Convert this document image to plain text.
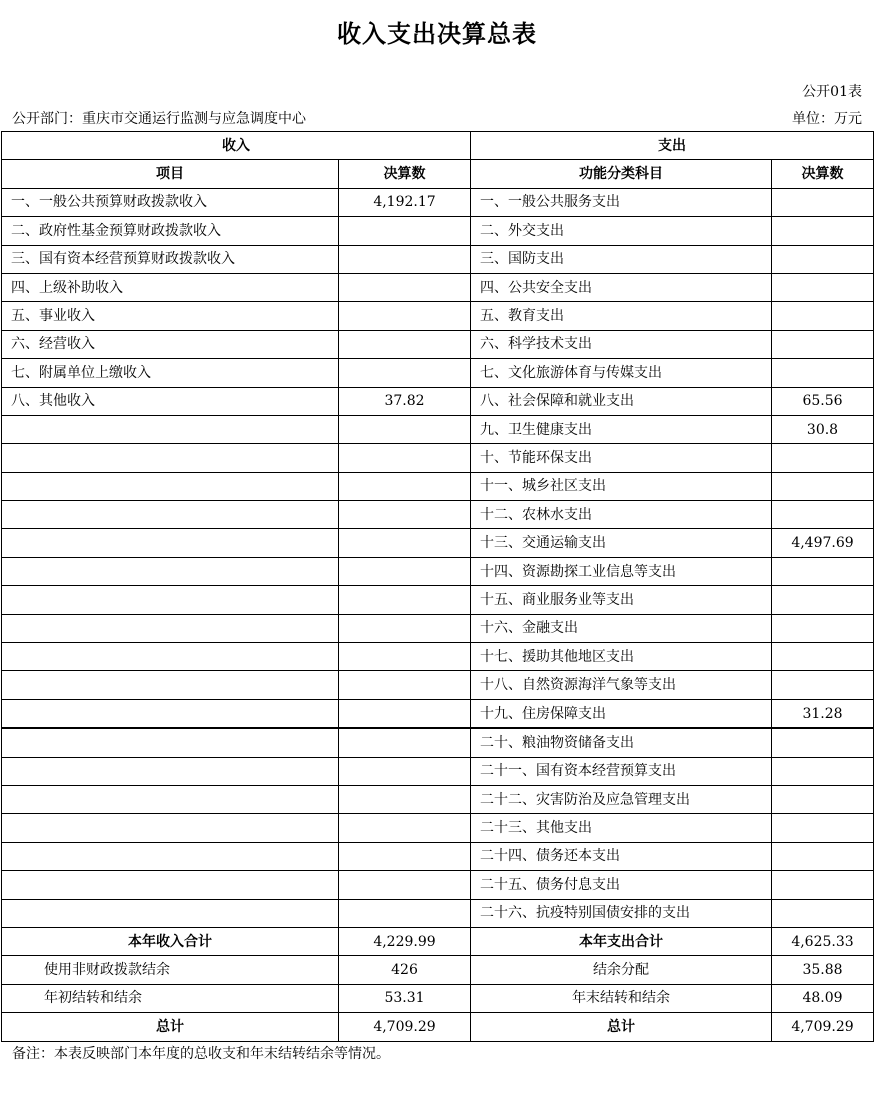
收入支出决算总表
公开01表
公开部门：重庆市交通运行监测与应急调度中心	单位：万元
收入		支出	
项目	决算数	功能分类科目	决算数
一、一般公共预算财政拨款收入	4,192.17	一、一般公共服务支出	
二、政府性基金预算财政拨款收入		二、外交支出	
三、国有资本经营预算财政拨款收入		三、国防支出	
四、上级补助收入		四、公共安全支出	
五、事业收入		五、教育支出	
六、经营收入		六、科学技术支出	
七、附属单位上缴收入		七、文化旅游体育与传媒支出	
八、其他收入	37.82	八、社会保障和就业支出	65.56
		九、卫生健康支出	30.8
		十、节能环保支出	
		十一、城乡社区支出	
		十二、农林水支出	
		十三、交通运输支出	4,497.69
		十四、资源勘探工业信息等支出	
		十五、商业服务业等支出	
		十六、金融支出	
		十七、援助其他地区支出	
		十八、自然资源海洋气象等支出	
		十九、住房保障支出	31.28
		二十、粮油物资储备支出	
		二十一、国有资本经营预算支出	
		二十二、灾害防治及应急管理支出	
		二十三、其他支出	
		二十四、债务还本支出	
		二十五、债务付息支出	
		二十六、抗疫特别国债安排的支出	
本年收入合计	4,229.99	本年支出合计	4,625.33
使用非财政拨款结余	426	结余分配	35.88
年初结转和结余	53.31	年末结转和结余	48.09
总计	4,709.29	总计	4,709.29
备注：本表反映部门本年度的总收支和年末结转结余等情况。
